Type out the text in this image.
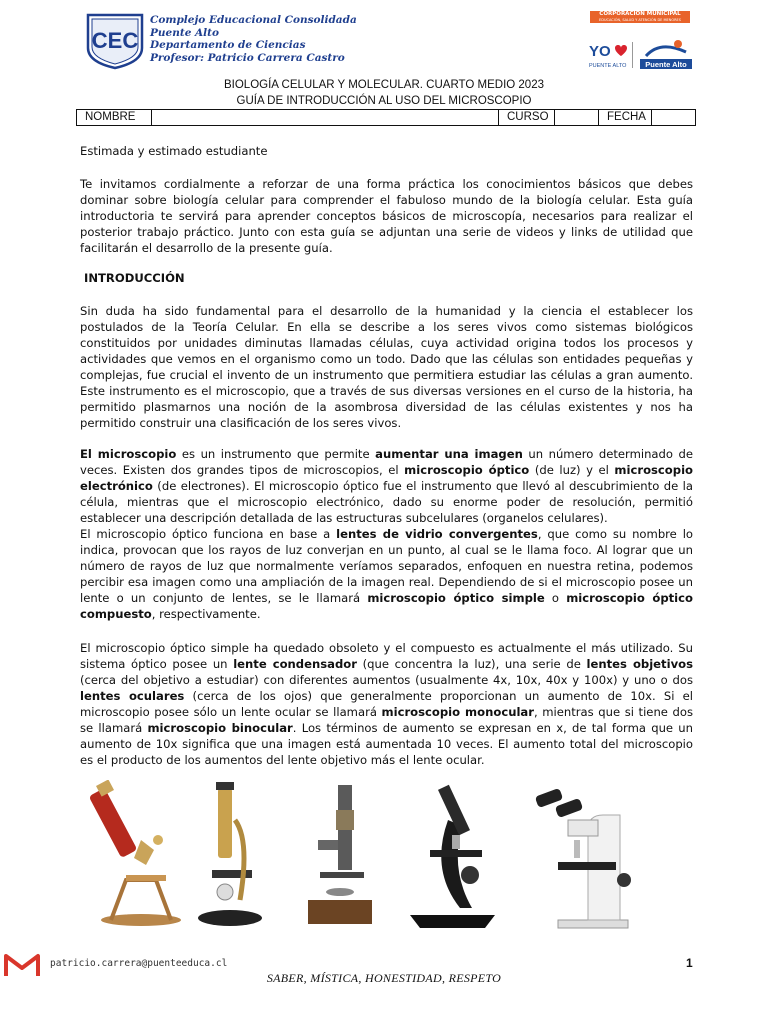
CEC
Complejo Educacional Consolidada
Puente Alto
Departamento de Ciencias
Profesor: Patricio Carrera Castro
CORPORACIÓN MUNICIPAL
EDUCACIÓN, SALUD Y ATENCIÓN DE MENORES
YO
PUENTE ALTO	Puente Alto
BIOLOGÍA CELULAR Y MOLECULAR. CUARTO MEDIO 2023
GUÍA DE INTRODUCCIÓN AL USO DEL MICROSCOPIO
NOMBRE	CURSO	FECHA

Estimada y estimado estudiante

Te invitamos cordialmente a reforzar de una forma práctica los conocimientos básicos que debes dominar sobre biología celular para comprender el fabuloso mundo de la biología celular. Esta guía introductoria te servirá para aprender conceptos básicos de microscopía, necesarios para realizar el posterior trabajo práctico. Junto con esta guía se adjuntan una serie de videos y links de utilidad que facilitarán el desarrollo de la presente guía.

INTRODUCCIÓN

Sin duda ha sido fundamental para el desarrollo de la humanidad y la ciencia el establecer los postulados de la Teoría Celular. En ella se describe a los seres vivos como sistemas biológicos constituidos por unidades diminutas llamadas células, cuya actividad origina todos los procesos y actividades que vemos en el organismo como un todo. Dado que las células son entidades pequeñas y complejas, fue crucial el invento de un instrumento que permitiera estudiar las células a gran aumento. Este instrumento es el microscopio, que a través de sus diversas versiones en el curso de la historia, ha permitido plasmarnos una noción de la asombrosa diversidad de las células existentes y nos ha permitido construir una clasificación de los seres vivos.

El microscopio es un instrumento que permite aumentar una imagen un número determinado de veces. Existen dos grandes tipos de microscopios, el microscopio óptico (de luz) y el microscopio electrónico (de electrones). El microscopio óptico fue el instrumento que llevó al descubrimiento de la célula, mientras que el microscopio electrónico, dado su enorme poder de resolución, permitió establecer una descripción detallada de las estructuras subcelulares (organelos celulares).

El microscopio óptico funciona en base a lentes de vidrio convergentes, que como su nombre lo indica, provocan que los rayos de luz converjan en un punto, al cual se le llama foco. Al lograr que un número de rayos de luz que normalmente veríamos separados, enfoquen en nuestra retina, podemos percibir esa imagen como una ampliación de la imagen real. Dependiendo de si el microscopio posee un lente o un conjunto de lentes, se le llamará microscopio óptico simple o microscopio óptico compuesto, respectivamente.

El microscopio óptico simple ha quedado obsoleto y el compuesto es actualmente el más utilizado. Su sistema óptico posee un lente condensador (que concentra la luz), una serie de lentes objetivos (cerca del objetivo a estudiar) con diferentes aumentos (usualmente 4x, 10x, 40x y 100x) y uno o dos lentes oculares (cerca de los ojos) que generalmente proporcionan un aumento de 10x. Si el microscopio posee sólo un lente ocular se llamará microscopio monocular, mientras que si tiene dos se llamará microscopio binocular. Los términos de aumento se expresan en x, de tal forma que un aumento de 10x significa que una imagen está aumentada 10 veces. El aumento total del microscopio es el producto de los aumentos del lente objetivo más el lente ocular.

patricio.carrera@puenteeduca.cl	1
SABER, MÍSTICA, HONESTIDAD, RESPETO
